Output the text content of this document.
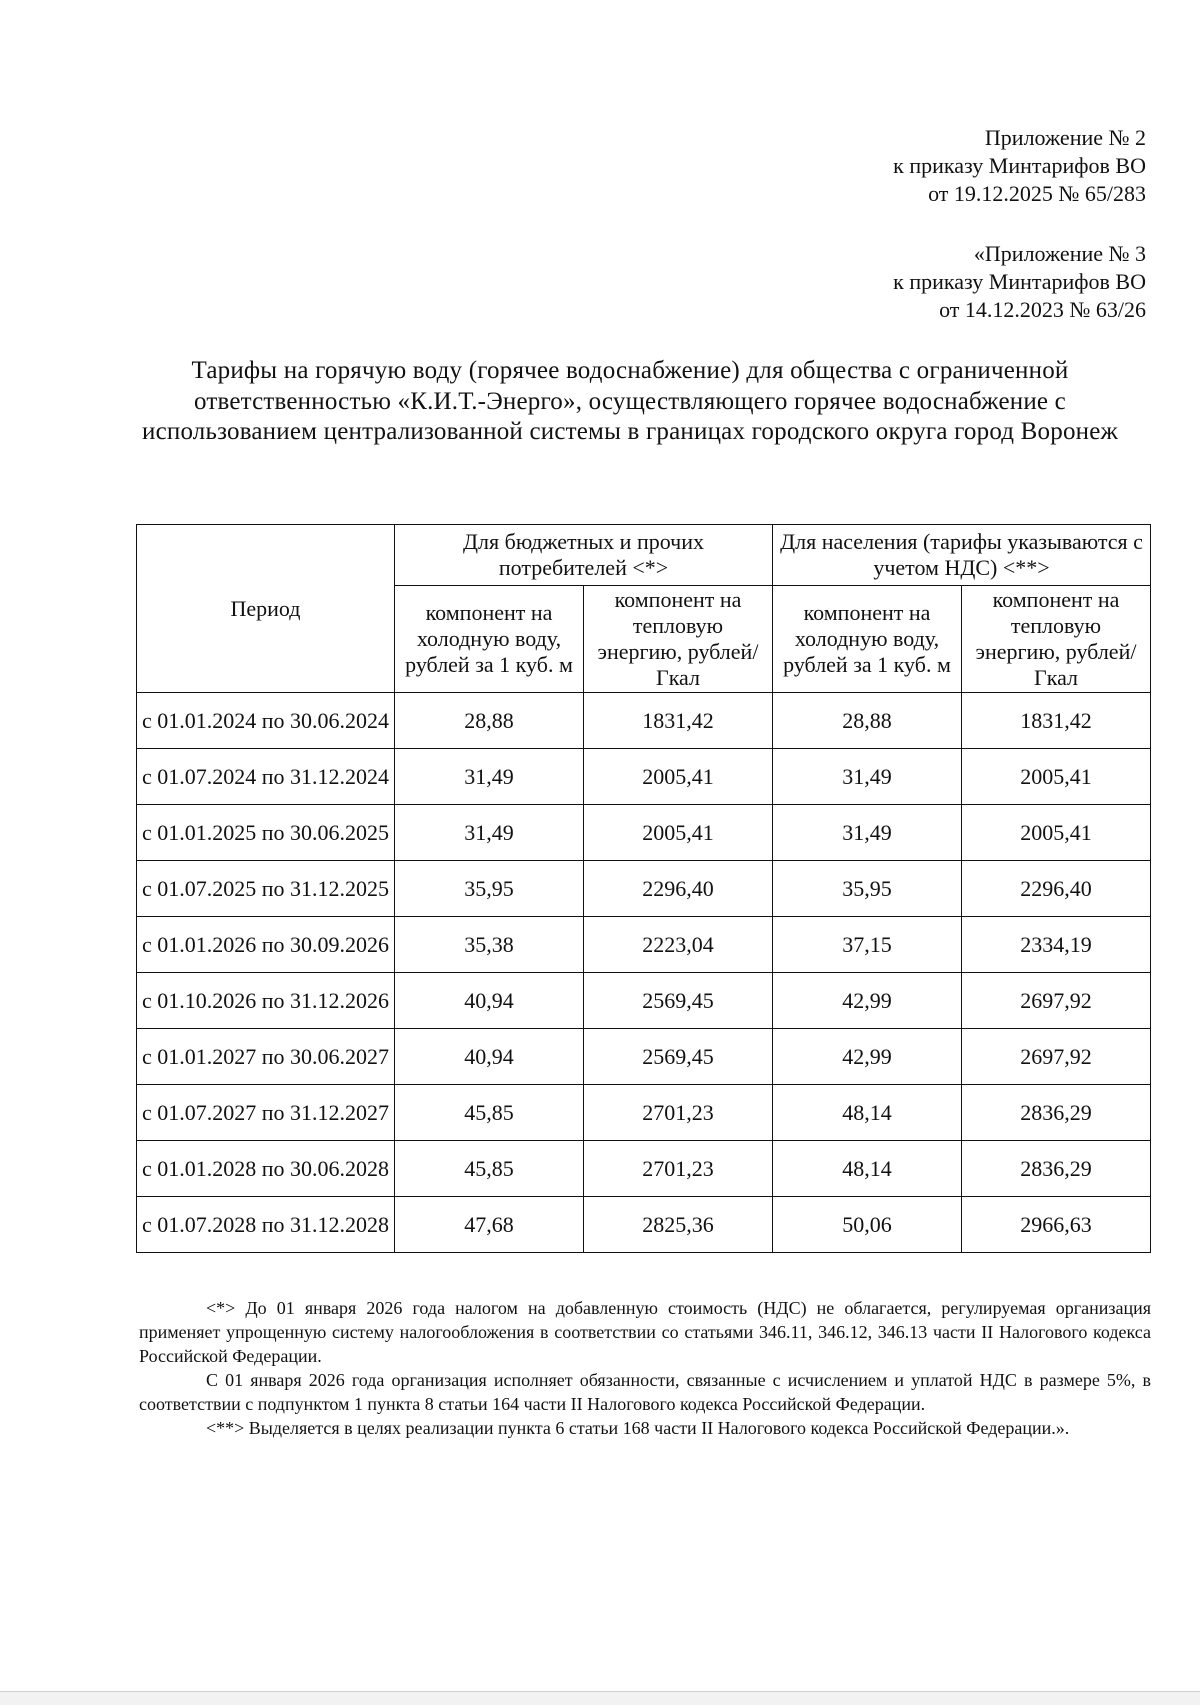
Приложение № 2
к приказу Минтарифов ВО
от 19.12.2025 № 65/283
«Приложение № 3
к приказу Минтарифов ВО
от 14.12.2023 № 63/26
Тарифы на горячую воду (горячее водоснабжение) для общества с ограниченной ответственностью «К.И.Т.-Энерго», осуществляющего горячее водоснабжение с использованием централизованной системы в границах городского округа город Воронеж
Период	Для бюджетных и прочих потребителей <*>		Для населения (тарифы указываются с учетом НДС) <**>	
	компонент на холодную воду, рублей за 1 куб. м	компонент на тепловую энергию, рублей/Гкал	компонент на холодную воду, рублей за 1 куб. м	компонент на тепловую энергию, рублей/Гкал
с 01.01.2024 по 30.06.2024	28,88	1831,42	28,88	1831,42
с 01.07.2024 по 31.12.2024	31,49	2005,41	31,49	2005,41
с 01.01.2025 по 30.06.2025	31,49	2005,41	31,49	2005,41
с 01.07.2025 по 31.12.2025	35,95	2296,40	35,95	2296,40
с 01.01.2026 по 30.09.2026	35,38	2223,04	37,15	2334,19
с 01.10.2026 по 31.12.2026	40,94	2569,45	42,99	2697,92
с 01.01.2027 по 30.06.2027	40,94	2569,45	42,99	2697,92
с 01.07.2027 по 31.12.2027	45,85	2701,23	48,14	2836,29
с 01.01.2028 по 30.06.2028	45,85	2701,23	48,14	2836,29
с 01.07.2028 по 31.12.2028	47,68	2825,36	50,06	2966,63

<*> До 01 января 2026 года налогом на добавленную стоимость (НДС) не облагается, регулируемая организация применяет упрощенную систему налогообложения в соответствии со статьями 346.11, 346.12, 346.13 части II Налогового кодекса Российской Федерации.

С 01 января 2026 года организация исполняет обязанности, связанные с исчислением и уплатой НДС в размере 5%, в соответствии с подпунктом 1 пункта 8 статьи 164 части II Налогового кодекса Российской Федерации.

<**> Выделяется в целях реализации пункта 6 статьи 168 части II Налогового кодекса Российской Федерации.».
